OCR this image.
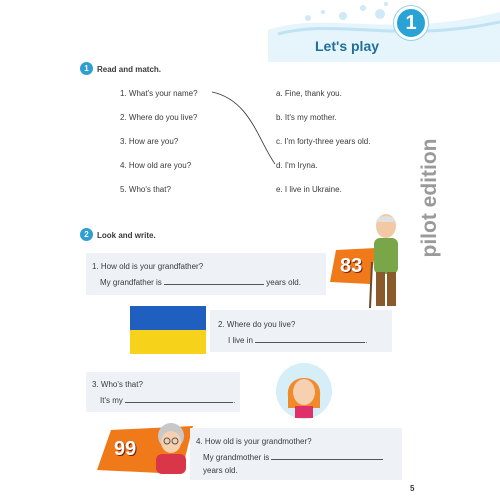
1
Let's play
1	Read and match.
1. What's your name?
2. Where do you live?
3. How are you?
4. How old are you?
5. Who's that?
a. Fine, thank you.
b. It's my mother.
c. I'm forty-three years old.
d. I'm Iryna.
e. I live in Ukraine.	pilot edition
2	Look and write.
1. How old is your grandfather?
My grandfather is	years old.
83
2. Where do you live?
I live in	.
3. Who's that?
It's my	.
99	4. How old is your grandmother?
My grandmother is
years old.
5
